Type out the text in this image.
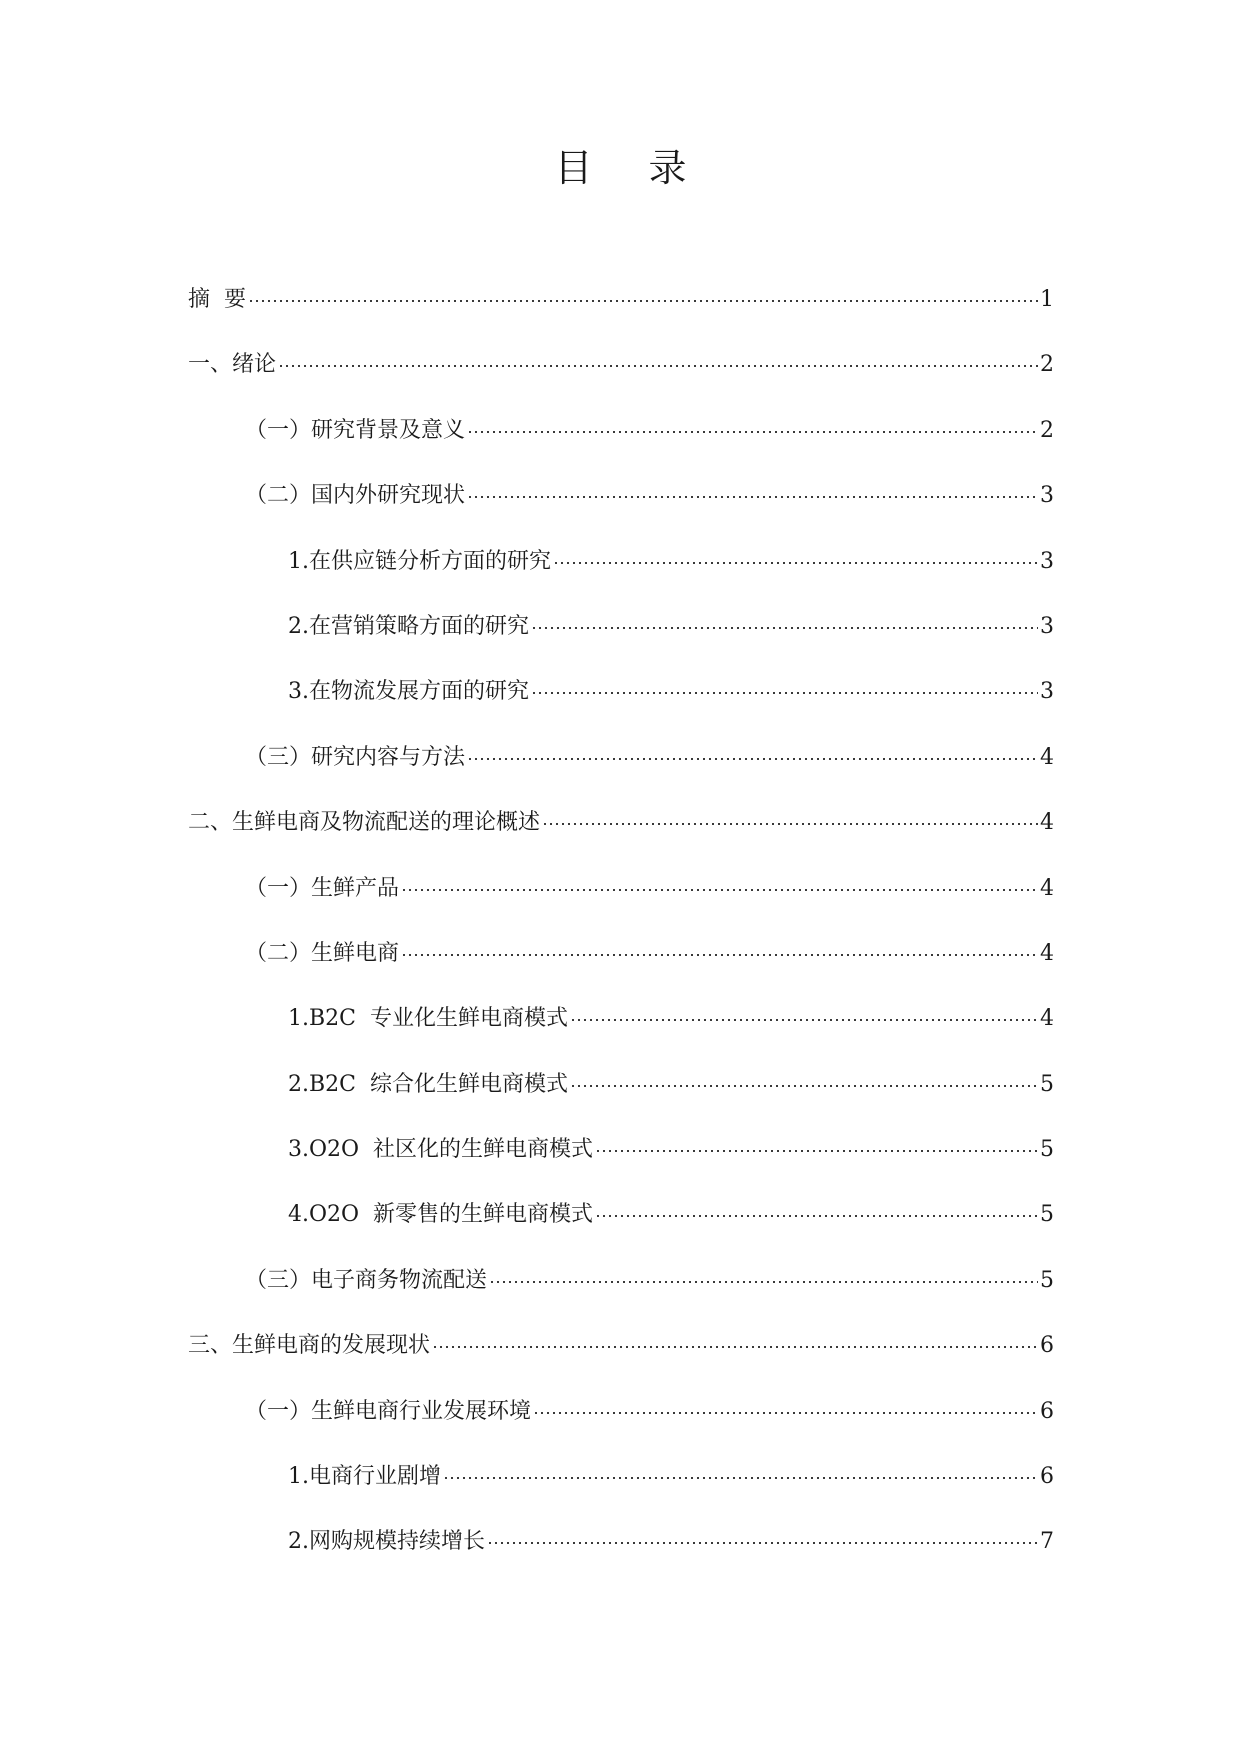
目 录
摘  要	1
一、绪论	2
（一）研究背景及意义	2
（二）国内外研究现状	3
1.在供应链分析方面的研究	3
2.在营销策略方面的研究	3
3.在物流发展方面的研究	3
（三）研究内容与方法	4
二、生鲜电商及物流配送的理论概述	4
（一）生鲜产品	4
（二）生鲜电商	4
1.B2C  专业化生鲜电商模式	4
2.B2C  综合化生鲜电商模式	5
3.O2O  社区化的生鲜电商模式	5
4.O2O  新零售的生鲜电商模式	5
（三）电子商务物流配送	5
三、生鲜电商的发展现状	6
（一）生鲜电商行业发展环境	6
1.电商行业剧增	6
2.网购规模持续增长	7
